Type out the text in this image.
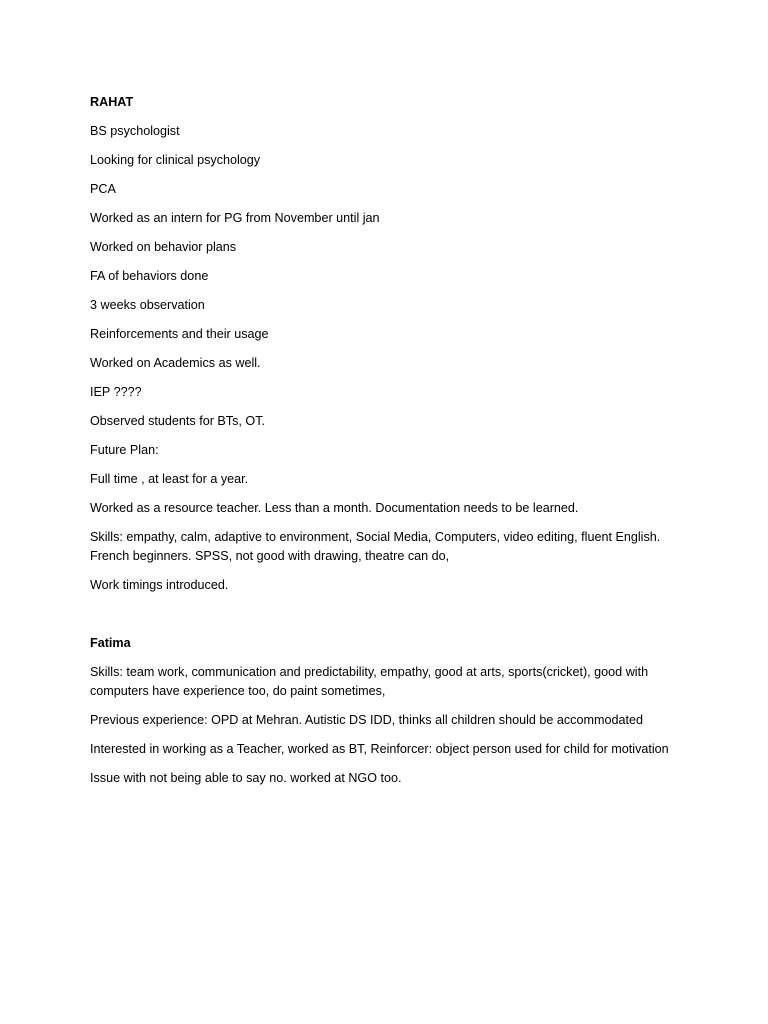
RAHAT
BS psychologist
Looking for clinical psychology
PCA
Worked as an intern for PG from November until jan
Worked on behavior plans
FA of behaviors done
3 weeks observation
Reinforcements and their usage
Worked on Academics as well.
IEP ????
Observed students for BTs, OT.
Future Plan:
Full time , at least for a year.
Worked as a resource teacher. Less than a month. Documentation needs to be learned.
Skills: empathy, calm, adaptive to environment, Social Media, Computers, video editing, fluent English. French beginners. SPSS, not good with drawing, theatre can do,
Work timings introduced.
Fatima
Skills: team work, communication and predictability, empathy, good at arts, sports(cricket), good with computers have experience too, do paint sometimes,
Previous experience: OPD at Mehran. Autistic DS IDD, thinks all children should be accommodated
Interested in working as a Teacher, worked as BT, Reinforcer: object person used for child for motivation
Issue with not being able to say no. worked at NGO too.
